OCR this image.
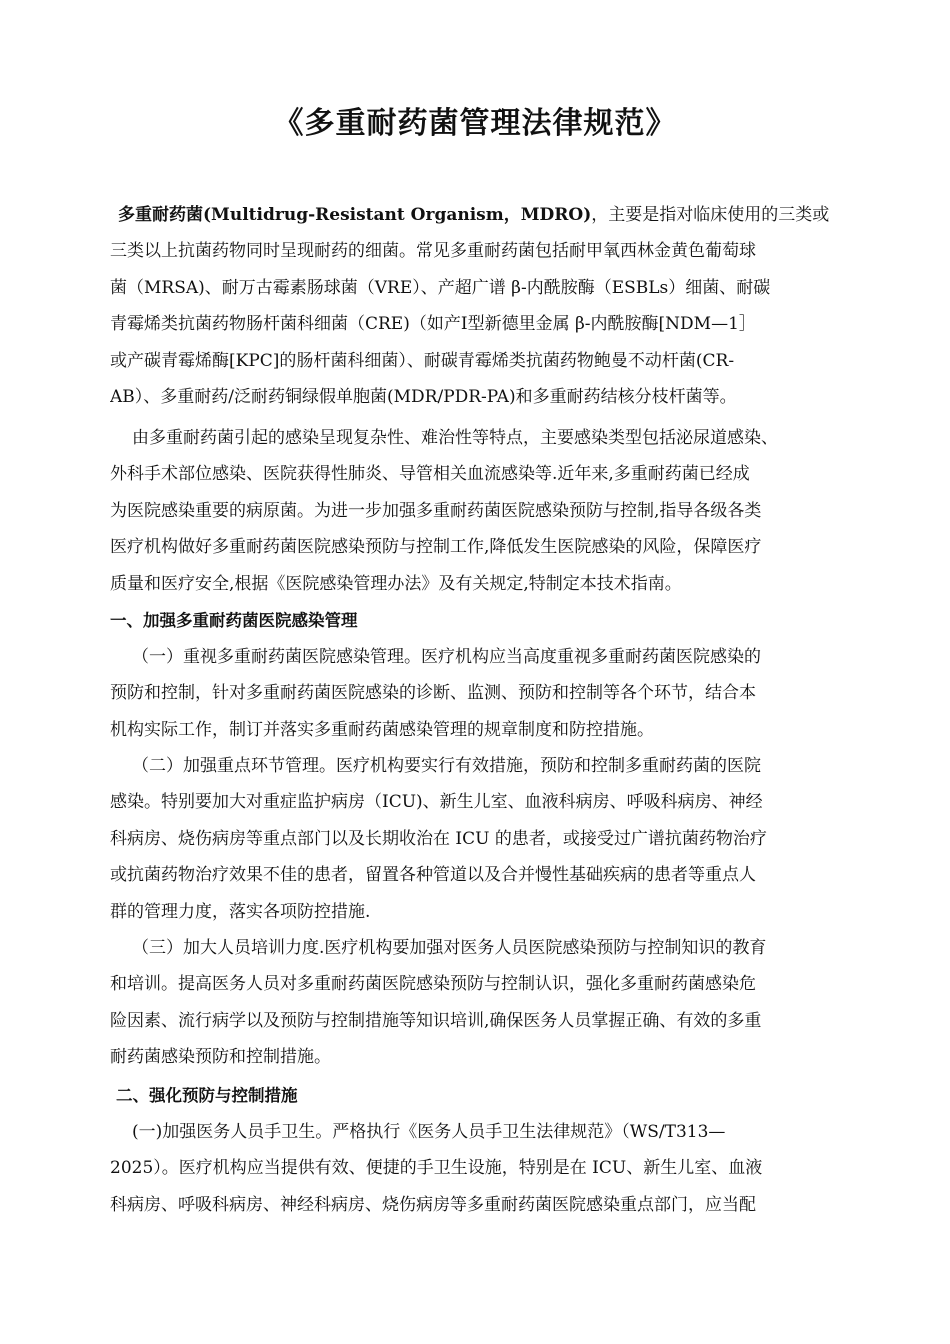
《多重耐药菌管理法律规范》
多重耐药菌(Multidrug-Resistant Organism，MDRO)，主要是指对临床使用的三类或
三类以上抗菌药物同时呈现耐药的细菌。常见多重耐药菌包括耐甲氧西林金黄色葡萄球
菌（MRSA)、耐万古霉素肠球菌（VRE）、产超广谱 β-内酰胺酶（ESBLs）细菌、耐碳
青霉烯类抗菌药物肠杆菌科细菌（CRE)（如产Ⅰ型新德里金属 β-内酰胺酶[NDM—1］
或产碳青霉烯酶[KPC]的肠杆菌科细菌）、耐碳青霉烯类抗菌药物鲍曼不动杆菌(CR-
AB）、多重耐药/泛耐药铜绿假单胞菌(MDR/PDR-PA)和多重耐药结核分枝杆菌等。
由多重耐药菌引起的感染呈现复杂性、难治性等特点，主要感染类型包括泌尿道感染、
外科手术部位感染、医院获得性肺炎、导管相关血流感染等.近年来,多重耐药菌已经成
为医院感染重要的病原菌。为进一步加强多重耐药菌医院感染预防与控制,指导各级各类
医疗机构做好多重耐药菌医院感染预防与控制工作,降低发生医院感染的风险，保障医疗
质量和医疗安全,根据《医院感染管理办法》及有关规定,特制定本技术指南。
一、加强多重耐药菌医院感染管理
（一）重视多重耐药菌医院感染管理。医疗机构应当高度重视多重耐药菌医院感染的
预防和控制，针对多重耐药菌医院感染的诊断、监测、预防和控制等各个环节，结合本
机构实际工作，制订并落实多重耐药菌感染管理的规章制度和防控措施。
（二）加强重点环节管理。医疗机构要实行有效措施，预防和控制多重耐药菌的医院
感染。特别要加大对重症监护病房（ICU)、新生儿室、血液科病房、呼吸科病房、神经
科病房、烧伤病房等重点部门以及长期收治在 ICU 的患者，或接受过广谱抗菌药物治疗
或抗菌药物治疗效果不佳的患者，留置各种管道以及合并慢性基础疾病的患者等重点人
群的管理力度，落实各项防控措施.
（三）加大人员培训力度.医疗机构要加强对医务人员医院感染预防与控制知识的教育
和培训。提高医务人员对多重耐药菌医院感染预防与控制认识，强化多重耐药菌感染危
险因素、流行病学以及预防与控制措施等知识培训,确保医务人员掌握正确、有效的多重
耐药菌感染预防和控制措施。
二、强化预防与控制措施
(一)加强医务人员手卫生。严格执行《医务人员手卫生法律规范》（WS/T313—
2025）。医疗机构应当提供有效、便捷的手卫生设施，特别是在 ICU、新生儿室、血液
科病房、呼吸科病房、神经科病房、烧伤病房等多重耐药菌医院感染重点部门，应当配
